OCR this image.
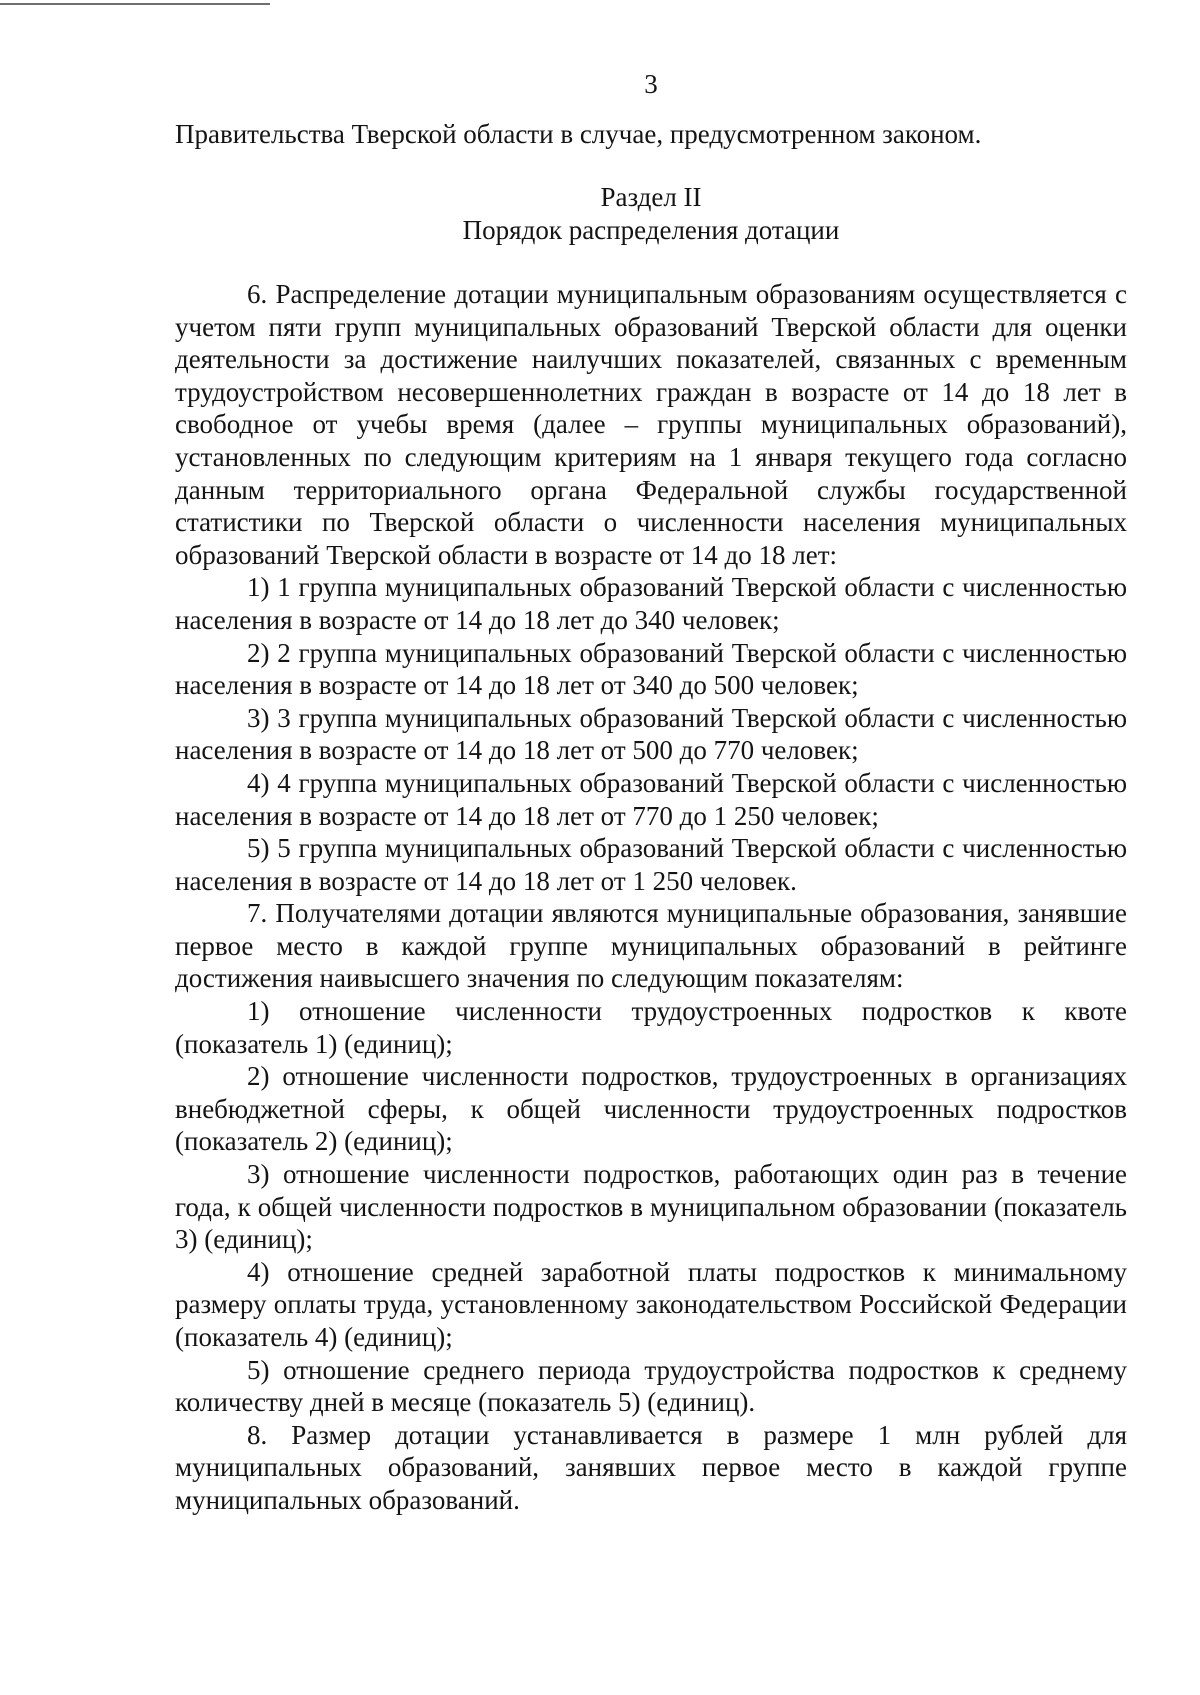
3

Правительства Тверской области в случае, предусмотренном законом.

Раздел II

Порядок распределения дотации

6. Распределение дотации муниципальным образованиям осуществляется с учетом пяти групп муниципальных образований Тверской области для оценки деятельности за достижение наилучших показателей, связанных с временным трудоустройством несовершеннолетних граждан в возрасте от 14 до 18 лет в свободное от учебы время (далее – группы муниципальных образований), установленных по следующим критериям на 1 января текущего года согласно данным территориального органа Федеральной службы государственной статистики по Тверской области о численности населения муниципальных образований Тверской области в возрасте от 14 до 18 лет:

1) 1 группа муниципальных образований Тверской области с численностью населения в возрасте от 14 до 18 лет до 340 человек;

2) 2 группа муниципальных образований Тверской области с численностью населения в возрасте от 14 до 18 лет от 340 до 500 человек;

3) 3 группа муниципальных образований Тверской области с численностью населения в возрасте от 14 до 18 лет от 500 до 770 человек;

4) 4 группа муниципальных образований Тверской области с численностью населения в возрасте от 14 до 18 лет от 770 до 1 250 человек;

5) 5 группа муниципальных образований Тверской области с численностью населения в возрасте от 14 до 18 лет от 1 250 человек.

7. Получателями дотации являются муниципальные образования, занявшие первое место в каждой группе муниципальных образований в рейтинге достижения наивысшего значения по следующим показателям:

1) отношение численности трудоустроенных подростков к квоте (показатель 1) (единиц);

2) отношение численности подростков, трудоустроенных в организациях внебюджетной сферы, к общей численности трудоустроенных подростков (показатель 2) (единиц);

3) отношение численности подростков, работающих один раз в течение года, к общей численности подростков в муниципальном образовании (показатель 3) (единиц);

4) отношение средней заработной платы подростков к минимальному размеру оплаты труда, установленному законодательством Российской Федерации (показатель 4) (единиц);

5) отношение среднего периода трудоустройства подростков к среднему количеству дней в месяце (показатель 5) (единиц).

8. Размер дотации устанавливается в размере 1 млн рублей для муниципальных образований, занявших первое место в каждой группе муниципальных образований.
